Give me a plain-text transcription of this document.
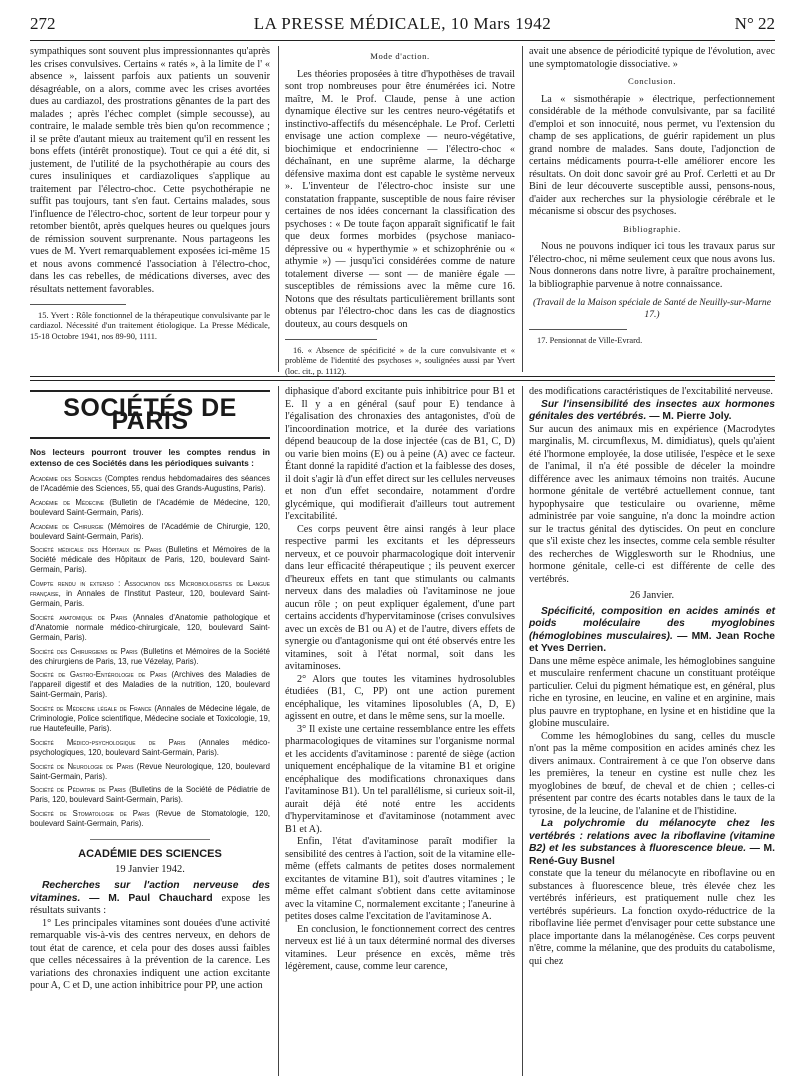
272	LA PRESSE MÉDICALE, 10 Mars 1942	N° 22

sympathiques sont souvent plus impressionnantes qu'après les crises convulsives. Certains « ratés », à la limite de l' « absence », laissent parfois aux patients un souvenir désagréable, on a alors, comme avec les crises avortées dues au cardiazol, des prostrations gênantes de la part des malades ; après l'échec complet (simple secousse), au contraire, le malade semble très bien qu'on recommence ; il se prête d'autant mieux au traitement qu'il en ressent les bons effets (intérêt pronostique). Tout ce qui a été dit, si justement, de l'utilité de la psychothérapie au cours des cures insuliniques et cardiazoliques s'applique au traitement par l'électro-choc. Cette psychothérapie ne suffit pas toujours, tant s'en faut. Certains malades, sous l'influence de l'électro-choc, sortent de leur torpeur pour y retomber bientôt, après quelques heures ou quelques jours de rémission souvent surprenante. Nous partageons les vues de M. Yvert remarquablement exposées ici-même 15 et nous avons commencé l'association à l'électro-choc, dans les cas rebelles, de médications diverses, avec des résultats nettement favorables.

15. Yvert : Rôle fonctionnel de la thérapeutique convulsivante par le cardiazol. Nécessité d'un traitement étiologique. La Presse Médicale, 15-18 Octobre 1941, nos 89-90, 1111.

Mode d'action.

Les théories proposées à titre d'hypothèses de travail sont trop nombreuses pour être énumérées ici. Notre maître, M. le Prof. Claude, pense à une action dynamique élective sur les centres neuro-végétatifs et instinctivo-affectifs du mésencéphale. Le Prof. Cerletti envisage une action complexe — neuro-végétative, biochimique et endocrinienne — l'électro-choc « déchaînant, en une suprême alarme, la décharge défensive maxima dont est capable le système nerveux ». L'inventeur de l'électro-choc insiste sur une constatation frappante, susceptible de nous faire réviser certaines de nos idées concernant la classification des psychoses : « De toute façon apparaît significatif le fait que deux formes morbides (psychose maniaco-dépressive ou « hyperthymie » et schizophrénie ou « athymie ») — jusqu'ici considérées comme de nature totalement diverse — sont — de manière égale — susceptibles de rémissions avec la même cure 16. Notons que des résultats particulièrement brillants sont obtenus par l'électro-choc dans les cas de diagnostics douteux, au cours desquels on

16. « Absence de spécificité » de la cure convulsivante et « problème de l'identité des psychoses », soulignées aussi par Yvert (loc. cit., p. 1112).

avait une absence de périodicité typique de l'évolution, avec une symptomatologie dissociative. »

Conclusion.

La « sismothérapie » électrique, perfectionnement considérable de la méthode convulsivante, par sa facilité d'emploi et son innocuité, nous permet, vu l'extension du champ de ses applications, de guérir rapidement un plus grand nombre de malades. Sans doute, l'adjonction de certains médicaments pourra-t-elle améliorer encore les résultats. On doit donc savoir gré au Prof. Cerletti et au Dr Bini de leur découverte susceptible aussi, pensons-nous, d'aider aux recherches sur la physiologie cérébrale et le mécanisme si obscur des psychoses.

Bibliographie.

Nous ne pouvons indiquer ici tous les travaux parus sur l'électro-choc, ni même seulement ceux que nous avons lus. Nous donnerons dans notre livre, à paraître prochainement, la bibliographie parvenue à notre connaissance.

(Travail de la Maison spéciale de Santé de Neuilly-sur-Marne 17.)

17. Pensionnat de Ville-Evrard.

SOCIÉTÉS DE PARIS
Nos lecteurs pourront trouver les comptes rendus in extenso de ces Sociétés dans les périodiques suivants :
Académie des Sciences (Comptes rendus hebdomadaires des séances de l'Académie des Sciences, 55, quai des Grands-Augustins, Paris).
Académie de Médecine (Bulletin de l'Académie de Médecine, 120, boulevard Saint-Germain, Paris).
Académie de Chirurgie (Mémoires de l'Académie de Chirurgie, 120, boulevard Saint-Germain, Paris).
Société médicale des Hôpitaux de Paris (Bulletins et Mémoires de la Société médicale des Hôpitaux de Paris, 120, boulevard Saint-Germain, Paris).
Compte rendu in extenso : Association des Microbiologistes de Langue française, in Annales de l'Institut Pasteur, 120, boulevard Saint-Germain, Paris.
Société anatomique de Paris (Annales d'Anatomie pathologique et d'Anatomie normale médico-chirurgicale, 120, boulevard Saint-Germain, Paris).
Société des Chirurgiens de Paris (Bulletins et Mémoires de la Société des chirurgiens de Paris, 13, rue Vézelay, Paris).
Société de Gastro-Entérologie de Paris (Archives des Maladies de l'appareil digestif et des Maladies de la nutrition, 120, boulevard Saint-Germain, Paris).
Société de Médecine légale de France (Annales de Médecine légale, de Criminologie, Police scientifique, Médecine sociale et Toxicologie, 19, rue Hautefeuille, Paris).
Société Médico-psychologique de Paris (Annales médico-psychologiques, 120, boulevard Saint-Germain, Paris).
Société de Neurologie de Paris (Revue Neurologique, 120, boulevard Saint-Germain, Paris).
Société de Pédiatrie de Paris (Bulletins de la Société de Pédiatrie de Paris, 120, boulevard Saint-Germain, Paris).
Société de Stomatologie de Paris (Revue de Stomatologie, 120, boulevard Saint-Germain, Paris).
ACADÉMIE DES SCIENCES
19 Janvier 1942.
Recherches sur l'action nerveuse des vitamines. — M. Paul Chauchard expose les résultats suivants :

1° Les principales vitamines sont douées d'une activité remarquable vis-à-vis des centres nerveux, en dehors de tout état de carence, et cela pour des doses aussi faibles que celles nécessaires à la prévention de la carence. Les variations des chronaxies indiquent une action excitante pour A, C et D, une action inhibitrice pour PP, une action

diphasique d'abord excitante puis inhibitrice pour B1 et E. Il y a en général (sauf pour E) tendance à l'égalisation des chronaxies des antagonistes, d'où de l'incoordination motrice, et la durée des variations dépend beaucoup de la dose injectée (cas de B1, C, D) ou varie bien moins (E) ou à peine (A) avec ce facteur. Étant donné la rapidité d'action et la faiblesse des doses, il doit s'agir là d'un effet direct sur les cellules nerveuses et non d'un effet secondaire, notamment d'ordre glycémique, qui modifierait d'ailleurs tout autrement l'excitabilité.

Ces corps peuvent être ainsi rangés à leur place respective parmi les excitants et les dépresseurs nerveux, et ce pouvoir pharmacologique doit intervenir dans leur efficacité thérapeutique ; ils peuvent exercer d'heureux effets en tant que stimulants ou calmants nerveux dans des maladies où l'avitaminose ne joue aucun rôle ; on peut expliquer également, d'une part certains accidents d'hypervitaminose (crises convulsives avec un excès de B1 ou A) et de l'autre, divers effets de synergie ou d'antagonisme qui ont été observés entre les vitamines, soit à l'état normal, soit dans les avitaminoses.

2° Alors que toutes les vitamines hydrosolubles étudiées (B1, C, PP) ont une action purement encéphalique, les vitamines liposolubles (A, D, E) agissent en outre, et dans le même sens, sur la moelle.

3° Il existe une certaine ressemblance entre les effets pharmacologiques de vitamines sur l'organisme normal et les accidents d'avitaminose : parenté de siège (action uniquement encéphalique de la vitamine B1 et origine encéphalique des modifications chronaxiques dans l'avitaminose B1). Un tel parallélisme, si curieux soit-il, aurait déjà été noté entre les accidents d'hypervitaminose et d'avitaminose (notamment avec B1 et A).

Enfin, l'état d'avitaminose paraît modifier la sensibilité des centres à l'action, soit de la vitamine elle-même (effets calmants de petites doses normalement excitantes de vitamine B1), soit d'autres vitamines ; le même effet calmant s'obtient dans cette avitaminose avec la vitamine C, normalement excitante ; l'aneurine à petites doses calme l'excitation de l'avitaminose A.

En conclusion, le fonctionnement correct des centres nerveux est lié à un taux déterminé normal des diverses vitamines. Leur présence en excès, même très légèrement, cause, comme leur carence,

des modifications caractéristiques de l'excitabilité nerveuse.

Sur l'insensibilité des insectes aux hormones génitales des vertébrés. — M. Pierre Joly.

Sur aucun des animaux mis en expérience (Macrodytes marginalis, M. circumflexus, M. dimidiatus), quels qu'aient été l'hormone employée, la dose utilisée, l'espèce et le sexe de l'animal, il n'a été possible de déceler la moindre différence avec les animaux témoins non traités. Aucune hormone génitale de vertébré actuellement connue, tant hypophysaire que testiculaire ou ovarienne, même administrée par voie sanguine, n'a donc la moindre action sur le tractus génital des dytiscides. On peut en conclure que s'il existe chez les insectes, comme cela semble résulter des recherches de Wigglesworth sur le Rhodnius, une hormone génitale, celle-ci est différente de celle des vertébrés.

26 Janvier.
Spécificité, composition en acides aminés et poids moléculaire des myoglobines (hémoglobines musculaires). — MM. Jean Roche et Yves Derrien.

Dans une même espèce animale, les hémoglobines sanguine et musculaire renferment chacune un constituant protéique particulier. Celui du pigment hématique est, en général, plus riche en tyrosine, en leucine, en valine et en arginine, mais plus pauvre en tryptophane, en lysine et en histidine que la globine musculaire.

Comme les hémoglobines du sang, celles du muscle n'ont pas la même composition en acides aminés chez les divers animaux. Contrairement à ce que l'on observe dans les premières, la teneur en cystine est nulle chez les myoglobines de bœuf, de cheval et de chien ; celles-ci présentent par contre des écarts notables dans le taux de la tyrosine, de la leucine, de l'alanine et de l'histidine.

La polychromie du mélanocyte chez les vertébrés : relations avec la riboflavine (vitamine B2) et les substances à fluorescence bleue. — M. René-Guy Busnel

constate que la teneur du mélanocyte en riboflavine ou en substances à fluorescence bleue, très élevée chez les vertébrés inférieurs, est pratiquement nulle chez les vertébrés supérieurs. La fonction oxydo-réductrice de la riboflavine liée permet d'envisager pour cette substance une place importante dans la mélanogénèse. Ces corps peuvent n'être, comme la mélanine, que des produits du catabolisme, qui chez
